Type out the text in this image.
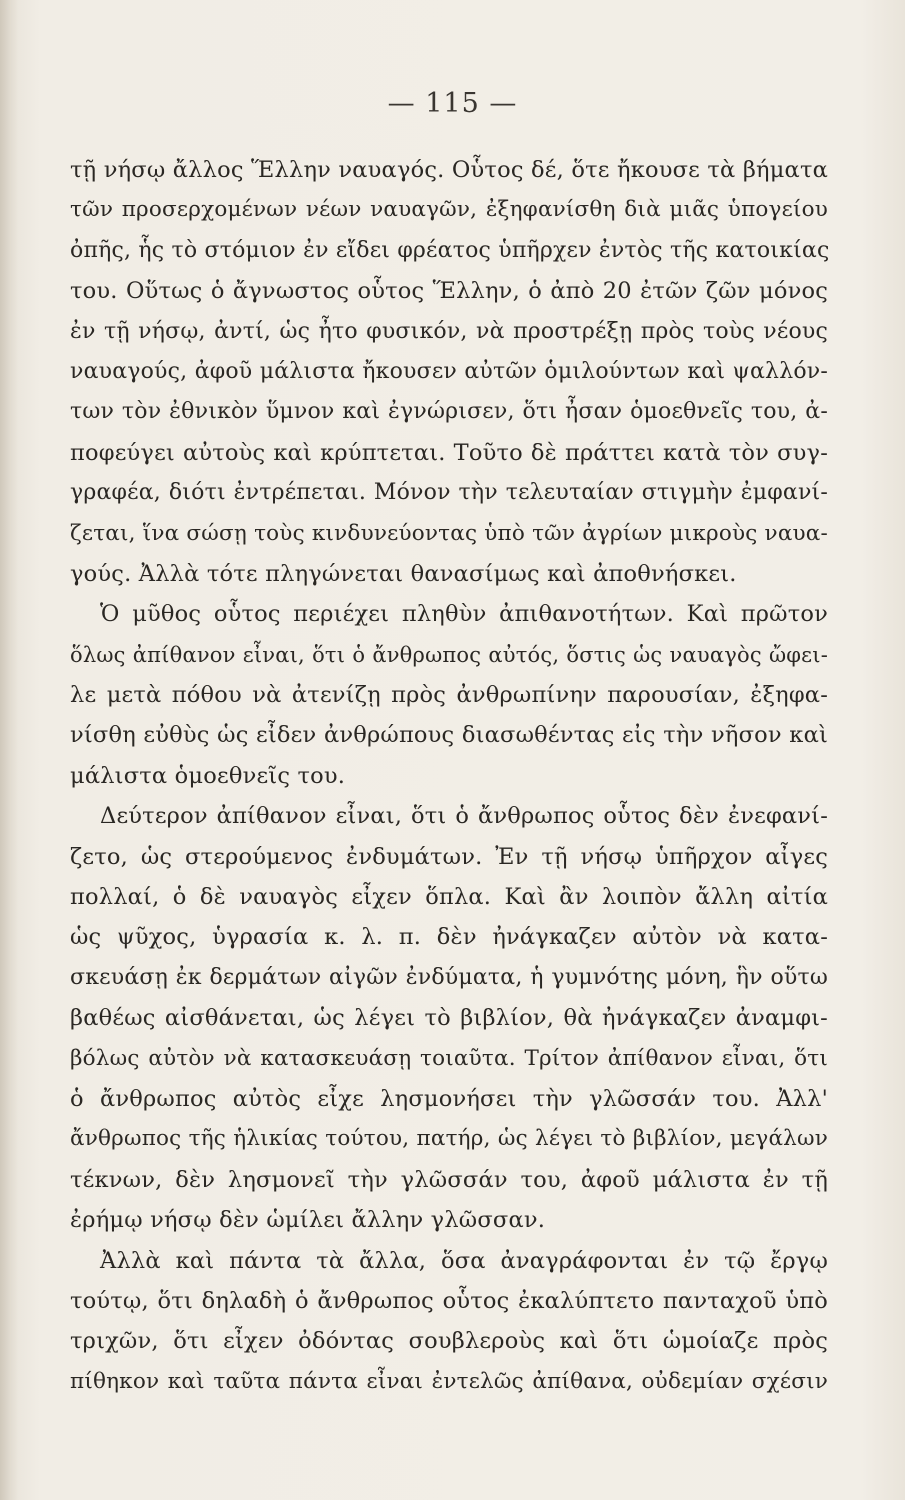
— 115 —
τῇ νήσῳ ἄλλος Ἕλλην ναυαγός. Οὗτος δέ, ὅτε ἤκουσε τὰ βήματα
τῶν προσερχομένων νέων ναυαγῶν, ἐξηφανίσθη διὰ μιᾶς ὑπογείου
ὀπῆς, ἧς τὸ στόμιον ἐν εἴδει φρέατος ὑπῆρχεν ἐντὸς τῆς κατοικίας
του. Οὕτως ὁ ἄγνωστος οὗτος Ἕλλην, ὁ ἀπὸ 20 ἐτῶν ζῶν μόνος
ἐν τῇ νήσῳ, ἀντί, ὡς ἦτο φυσικόν, νὰ προστρέξῃ πρὸς τοὺς νέους
ναυαγούς, ἀφοῦ μάλιστα ἤκουσεν αὐτῶν ὁμιλούντων καὶ ψαλλόν-
των τὸν ἐθνικὸν ὕμνον καὶ ἐγνώρισεν, ὅτι ἦσαν ὁμοεθνεῖς του, ἀ-
ποφεύγει αὐτοὺς καὶ κρύπτεται. Τοῦτο δὲ πράττει κατὰ τὸν συγ-
γραφέα, διότι ἐντρέπεται. Μόνον τὴν τελευταίαν στιγμὴν ἐμφανί-
ζεται, ἵνα σώσῃ τοὺς κινδυνεύοντας ὑπὸ τῶν ἀγρίων μικροὺς ναυα-
γούς. Ἀλλὰ τότε πληγώνεται θανασίμως καὶ ἀποθνήσκει.
Ὁ μῦθος οὗτος περιέχει πληθὺν ἀπιθανοτήτων. Καὶ πρῶτον
ὅλως ἀπίθανον εἶναι, ὅτι ὁ ἄνθρωπος αὐτός, ὅστις ὡς ναυαγὸς ὤφει-
λε μετὰ πόθου νὰ ἀτενίζῃ πρὸς ἀνθρωπίνην παρουσίαν, ἐξηφα-
νίσθη εὐθὺς ὡς εἶδεν ἀνθρώπους διασωθέντας εἰς τὴν νῆσον καὶ
μάλιστα ὁμοεθνεῖς του.
Δεύτερον ἀπίθανον εἶναι, ὅτι ὁ ἄνθρωπος οὗτος δὲν ἐνεφανί-
ζετο, ὡς στερούμενος ἐνδυμάτων. Ἐν τῇ νήσῳ ὑπῆρχον αἶγες
πολλαί, ὁ δὲ ναυαγὸς εἶχεν ὅπλα. Καὶ ἂν λοιπὸν ἄλλη αἰτία
ὡς ψῦχος, ὑγρασία κ. λ. π. δὲν ἠνάγκαζεν αὐτὸν νὰ κατα-
σκευάσῃ ἐκ δερμάτων αἰγῶν ἐνδύματα, ἡ γυμνότης μόνη, ἣν οὕτω
βαθέως αἰσθάνεται, ὡς λέγει τὸ βιβλίον, θὰ ἠνάγκαζεν ἀναμφι-
βόλως αὐτὸν νὰ κατασκευάσῃ τοιαῦτα. Τρίτον ἀπίθανον εἶναι, ὅτι
ὁ ἄνθρωπος αὐτὸς εἶχε λησμονήσει τὴν γλῶσσάν του. Ἀλλ'
ἄνθρωπος τῆς ἡλικίας τούτου, πατήρ, ὡς λέγει τὸ βιβλίον, μεγάλων
τέκνων, δὲν λησμονεῖ τὴν γλῶσσάν του, ἀφοῦ μάλιστα ἐν τῇ
ἐρήμῳ νήσῳ δὲν ὡμίλει ἄλλην γλῶσσαν.
Ἀλλὰ καὶ πάντα τὰ ἄλλα, ὅσα ἀναγράφονται ἐν τῷ ἔργῳ
τούτῳ, ὅτι δηλαδὴ ὁ ἄνθρωπος οὗτος ἐκαλύπτετο πανταχοῦ ὑπὸ
τριχῶν, ὅτι εἶχεν ὀδόντας σουβλεροὺς καὶ ὅτι ὡμοίαζε πρὸς
πίθηκον καὶ ταῦτα πάντα εἶναι ἐντελῶς ἀπίθανα, οὐδεμίαν σχέσιν
